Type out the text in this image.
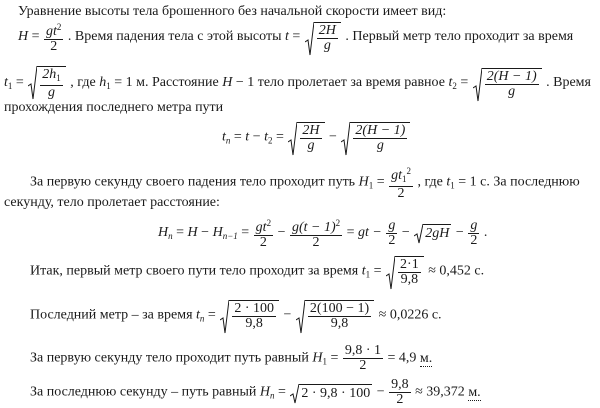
Уравнение высоты тела брошенного без начальной скорости имеет вид:
$H = \frac{gt^2}{2}$ . Время падения тела с этой высоты $t = \frac{2H}{g}$ . Первый метр тело проходит за время
$t_1 = \frac{2h_1}{g}$ , где $h_1 = 1$ м. Расстояние H − 1 тело пролетает за время равное $t_2 = \frac{2(H - 1)}{g}$ . Время
прохождения последнего метра пути
$t_n = t - t_2 = \frac{2H}{g} - \frac{2(H - 1)}{g}$
За первую секунду своего падения тело проходит путь $H_1 = \frac{gt_1^2}{2}$ , где $t_1 = 1$ с. За последнюю
секунду, тело пролетает расстояние:
$H_n = H - H_{n-1} = \frac{gt^2}{2} - \frac{g(t - 1)^2}{2}$ = gt − $\frac{g}{2} - 2gH - \frac{g}{2}$ .
Итак, первый метр своего пути тело проходит за время $t_1 = \frac{2\cdot 1}{9,8} \approx 0,452$ с.
Последний метр – за время $t_n = \frac{2 \cdot 100}{9,8} - \frac{2(100 - 1)}{9,8} \approx 0,0226$ с.
За первую секунду тело проходит путь равный $H_1 = \frac{9,8 \cdot 1}{2} = 4,9$ м.
За последнюю секунду – путь равный $H_n = 2 \cdot 9,8 \cdot 100 - \frac{9,8}{2} \approx 39,372$ м.
